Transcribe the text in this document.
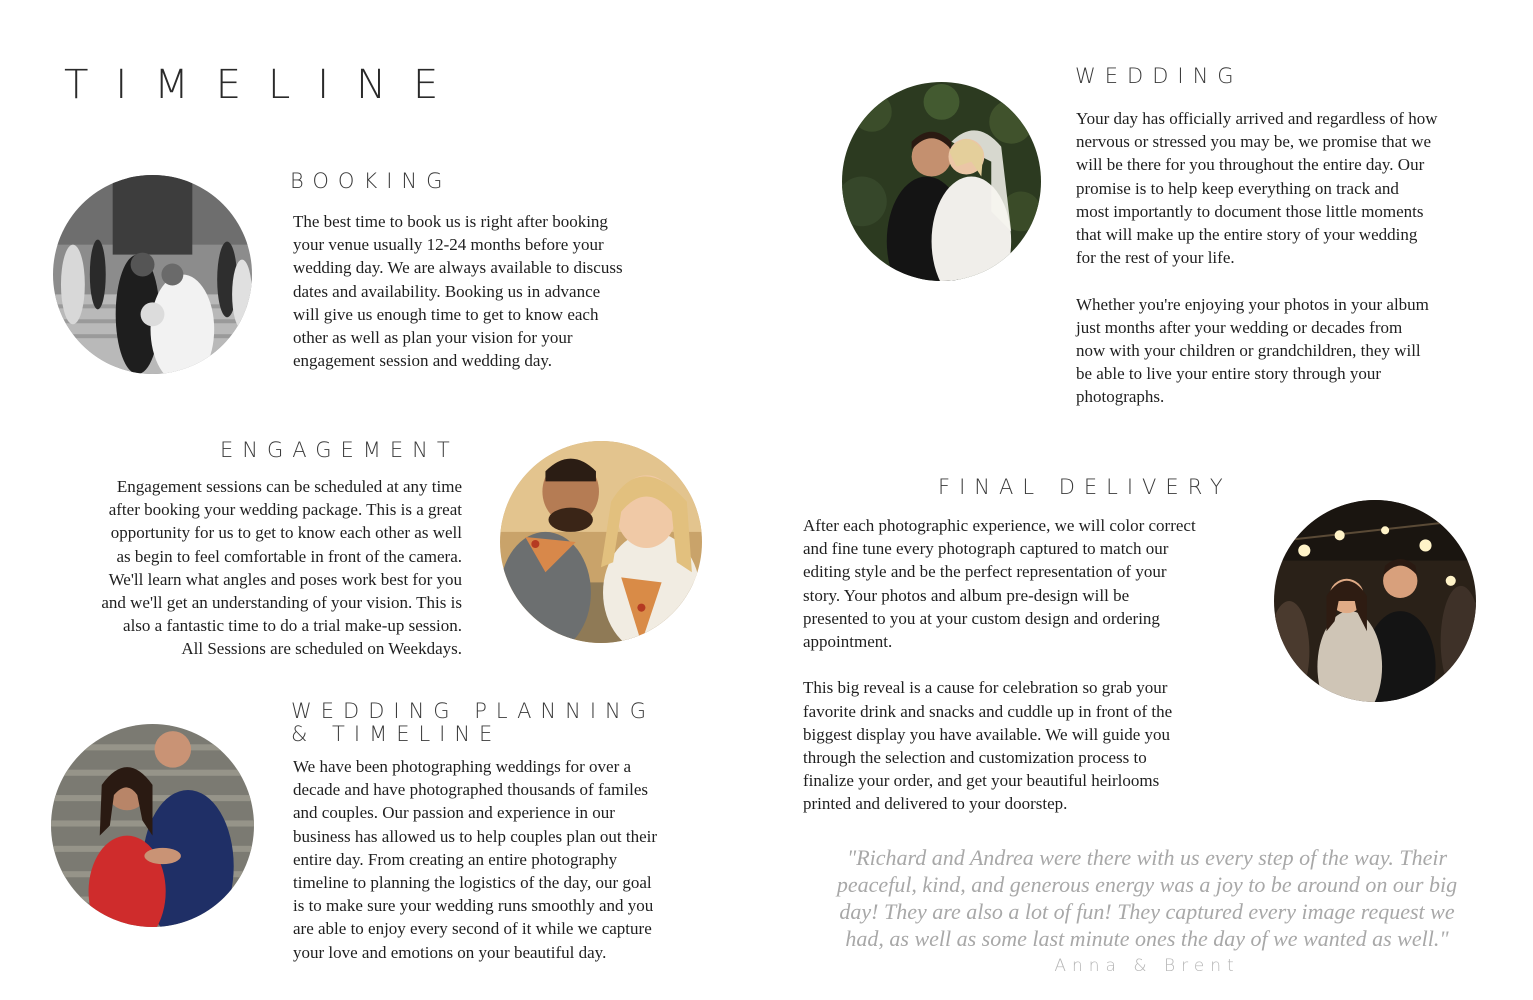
TIMELINE
BOOKING

The best time to book us is right after booking

your venue usually 12-24 months before your

wedding day. We are always available to discuss

dates and availability. Booking us in advance

will give us enough time to get to know each

other as well as plan your vision for your

engagement session and wedding day.

ENGAGEMENT

Engagement sessions can be scheduled at any time

after booking your wedding package. This is a great

opportunity for us to get to know each other as well

as begin to feel comfortable in front of the camera.

We'll learn what angles and poses work best for you

and we'll get an understanding of your vision. This is

also a fantastic time to do a trial make-up session.

All Sessions are scheduled on Weekdays.

WEDDING PLANNING
& TIMELINE

We have been photographing weddings for over a

decade and have photographed thousands of familes

and couples. Our passion and experience in our

business has allowed us to help couples plan out their

entire day. From creating an entire photography

timeline to planning the logistics of the day, our goal

is to make sure your wedding runs smoothly and you

are able to enjoy every second of it while we capture

your love and emotions on your beautiful day.

WEDDING

Your day has officially arrived and regardless of how

nervous or stressed you may be, we promise that we

will be there for you throughout the entire day. Our

promise is to help keep everything on track and

most importantly to document those little moments

that will make up the entire story of your wedding

for the rest of your life.

Whether you're enjoying your photos in your album

just months after your wedding or decades from

now with your children or grandchildren, they will

be able to live your entire story through your

photographs.

FINAL DELIVERY

After each photographic experience, we will color correct

and fine tune every photograph captured to match our

editing style and be the perfect representation of your

story. Your photos and album pre-design will be

presented to you at your custom design and ordering

appointment.

This big reveal is a cause for celebration so grab your

favorite drink and snacks and cuddle up in front of the

biggest display you have available. We will guide you

through the selection and customization process to

finalize your order, and get your beautiful heirlooms

printed and delivered to your doorstep.

"Richard and Andrea were there with us every step of the way. Their
peaceful, kind, and generous energy was a joy to be around on our big
day! They are also a lot of fun! They captured every image request we
had, as well as some last minute ones the day of we wanted as well."
Anna & Brent
